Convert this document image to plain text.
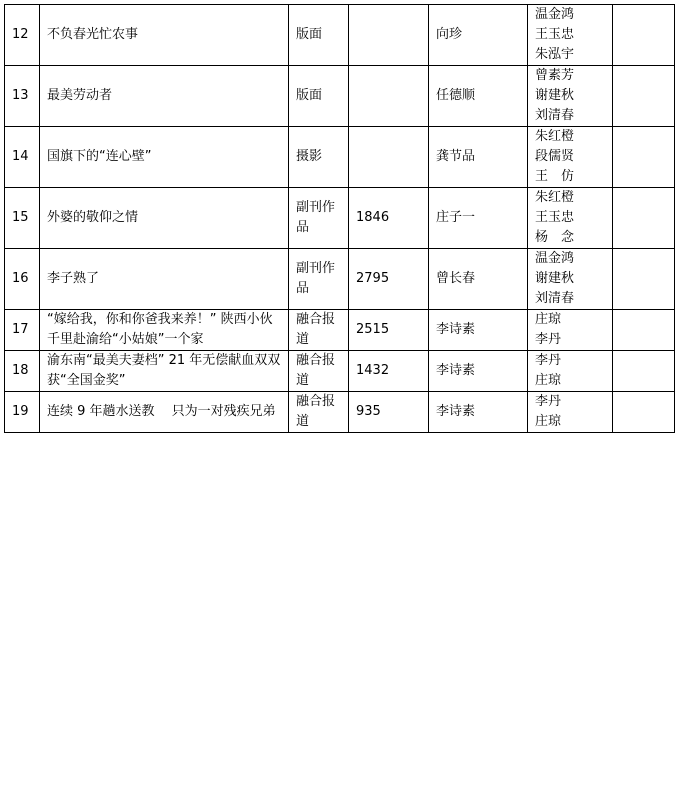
12	不负春光忙农事	版面		向珍	温金鸿
王玉忠
朱泓宇	

13	最美劳动者	版面		任德顺	曾素芳
谢建秋
刘清春	

14	国旗下的“连心壁”	摄影		龚节品	朱红橙
段儒贤
王　仿	

15	外婆的敬仰之情	副刊作品	1846	庄子一	朱红橙
王玉忠
杨　念	

16	李子熟了	副刊作品	2795	曾长春	温金鸿
谢建秋
刘清春	

17	“嫁给我，你和你爸我来养！” 陕西小伙千里赴渝给“小姑娘”一个家	融合报道	2515	李诗素	庄琼
李丹	

18	渝东南“最美夫妻档” 21 年无偿献血双双获“全国金奖”	融合报道	1432	李诗素	李丹
庄琼	

19	连续 9 年趟水送教　 只为一对残疾兄弟	融合报道	935	李诗素	李丹
庄琼	
